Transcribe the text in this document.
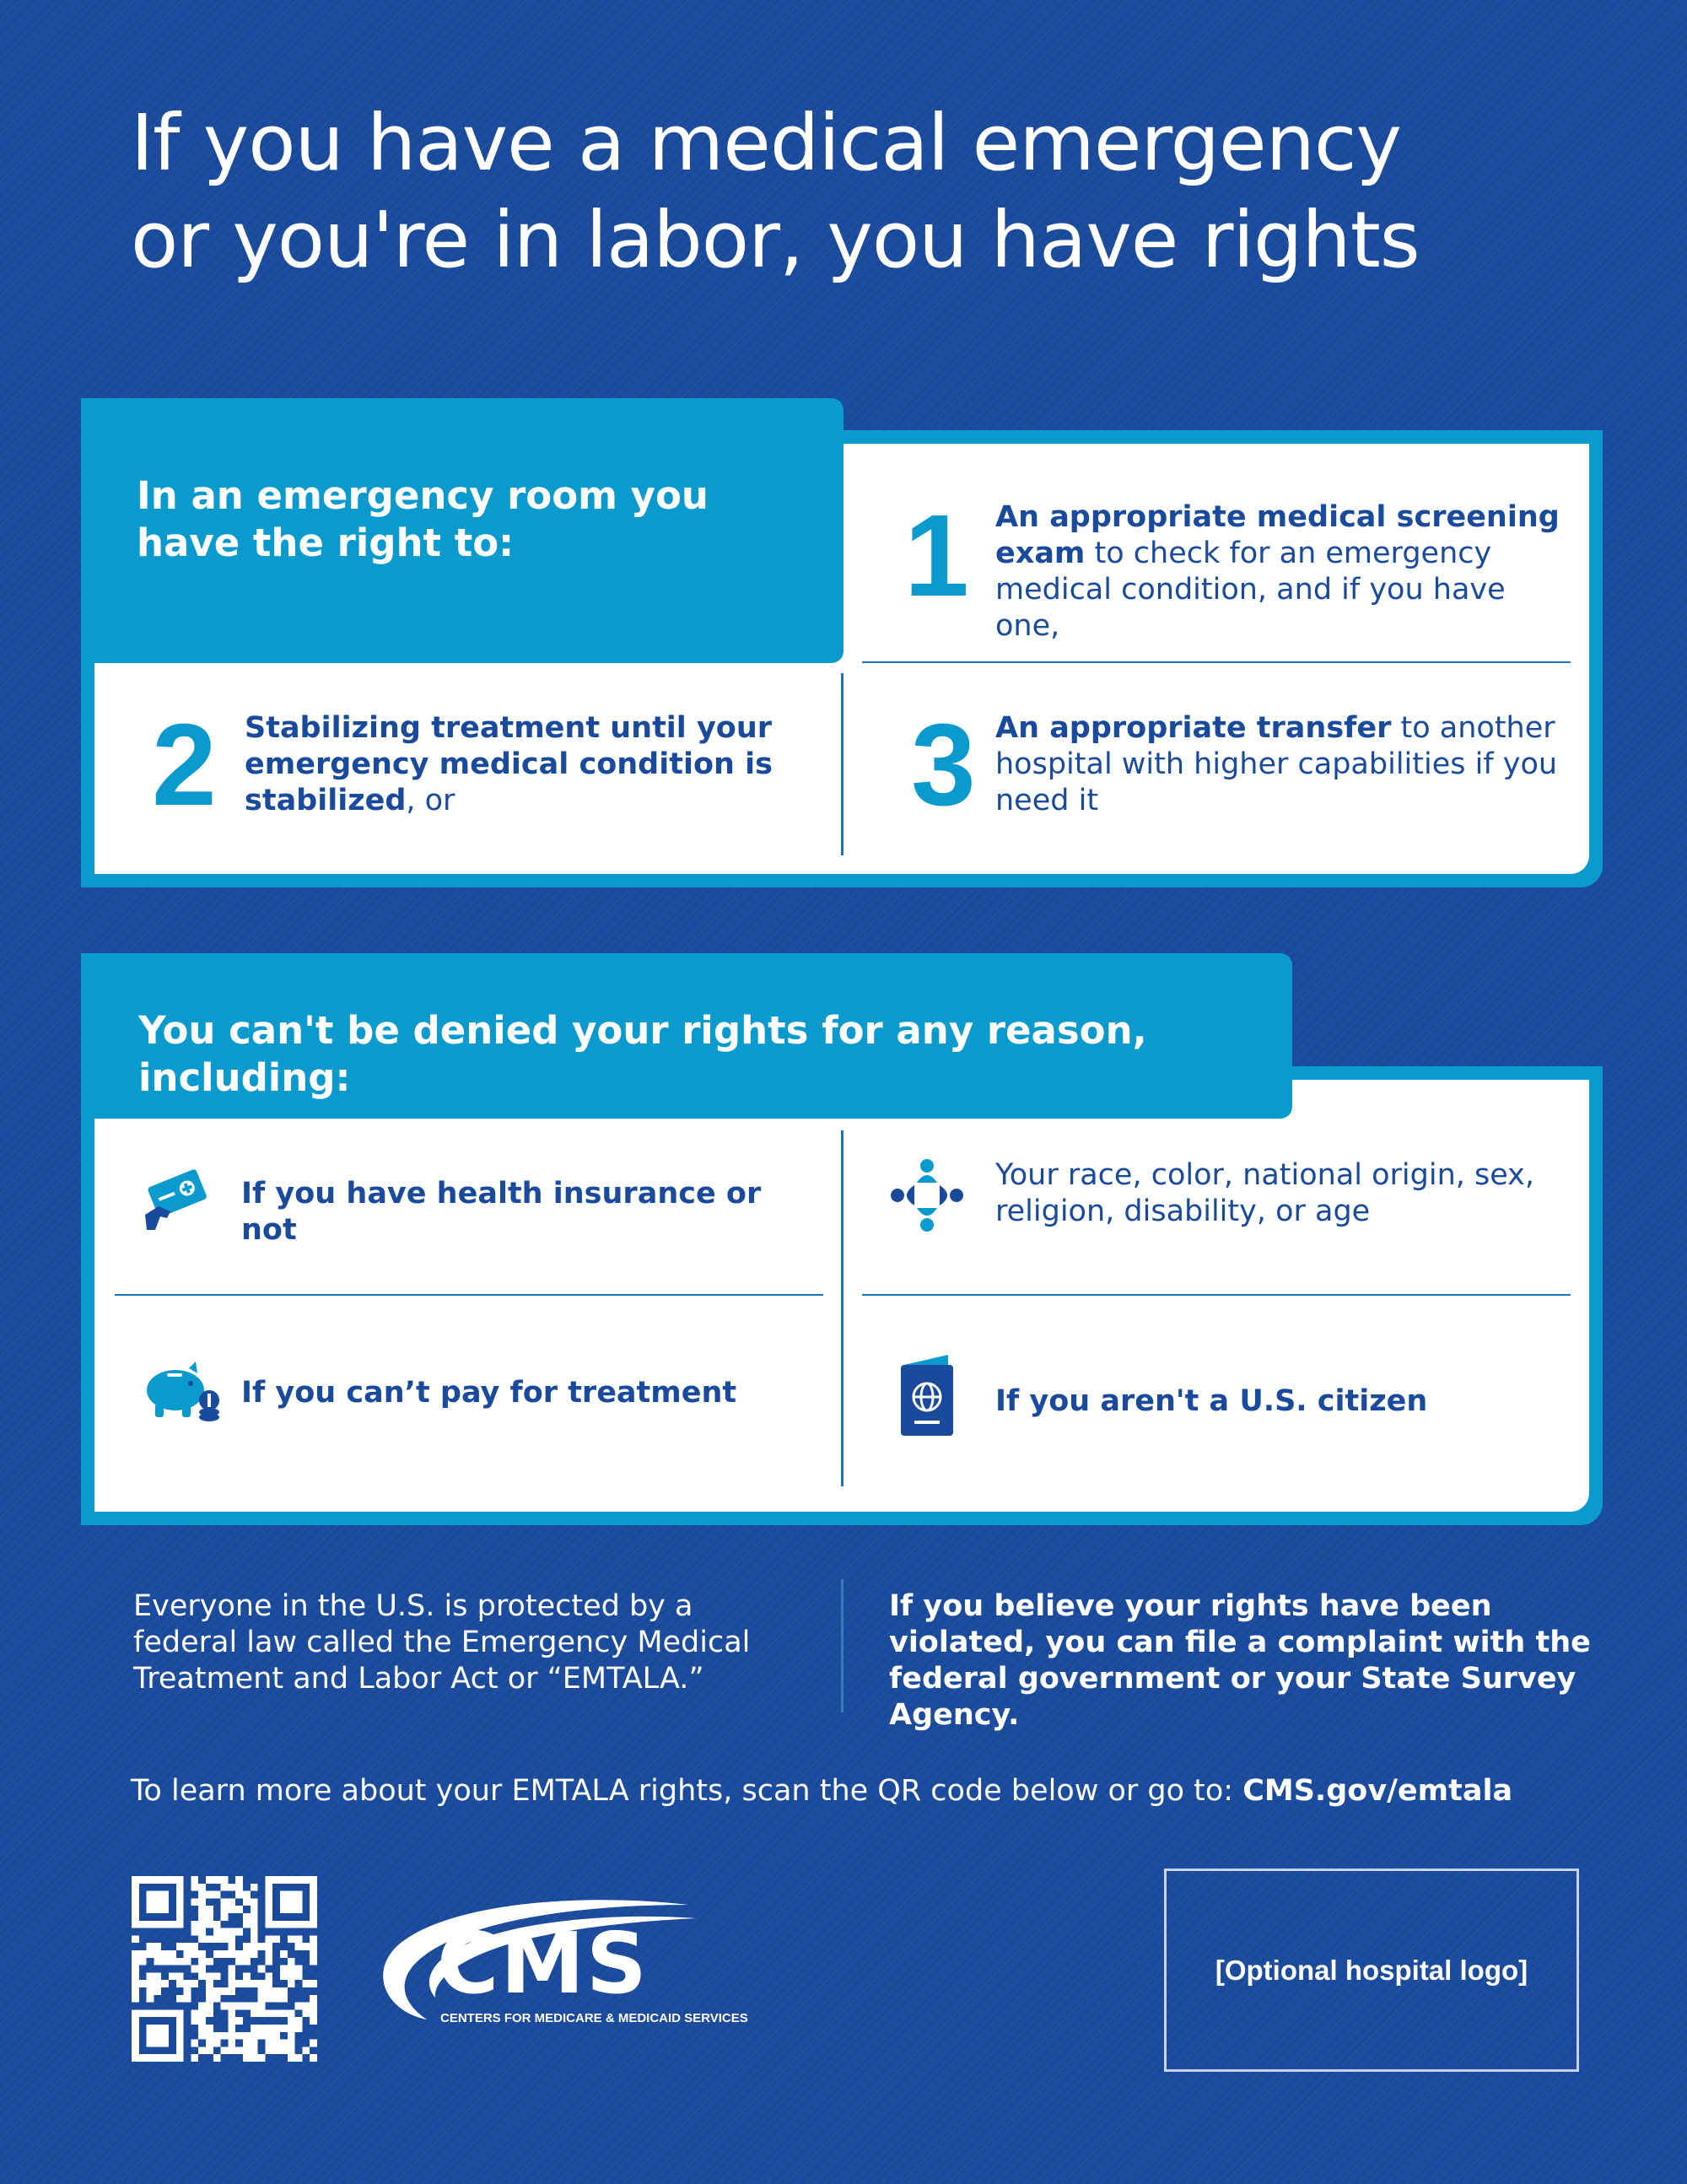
If you have a medical emergency
or you're in labor, you have rights
In an emergency room you have the right to:	1 An appropriate medical screening exam to check for an emergency medical condition, and if you have one,
2 Stabilizing treatment until your emergency medical condition is stabilized, or	3 An appropriate transfer to another hospital with higher capabilities if you need it
You can't be denied your rights for any reason, including:
If you have health insurance or not
Your race, color, national origin, sex, religion, disability, or age
If you can’t pay for treatment	If you aren't a U.S. citizen
Everyone in the U.S. is protected by a federal law called the Emergency Medical Treatment and Labor Act or “EMTALA.”
If you believe your rights have been violated, you can file a complaint with the federal government or your State Survey Agency.
To learn more about your EMTALA rights, scan the QR code below or go to: CMS.gov/emtala
CMS
CENTERS FOR MEDICARE & MEDICAID SERVICES
[Optional hospital logo]
